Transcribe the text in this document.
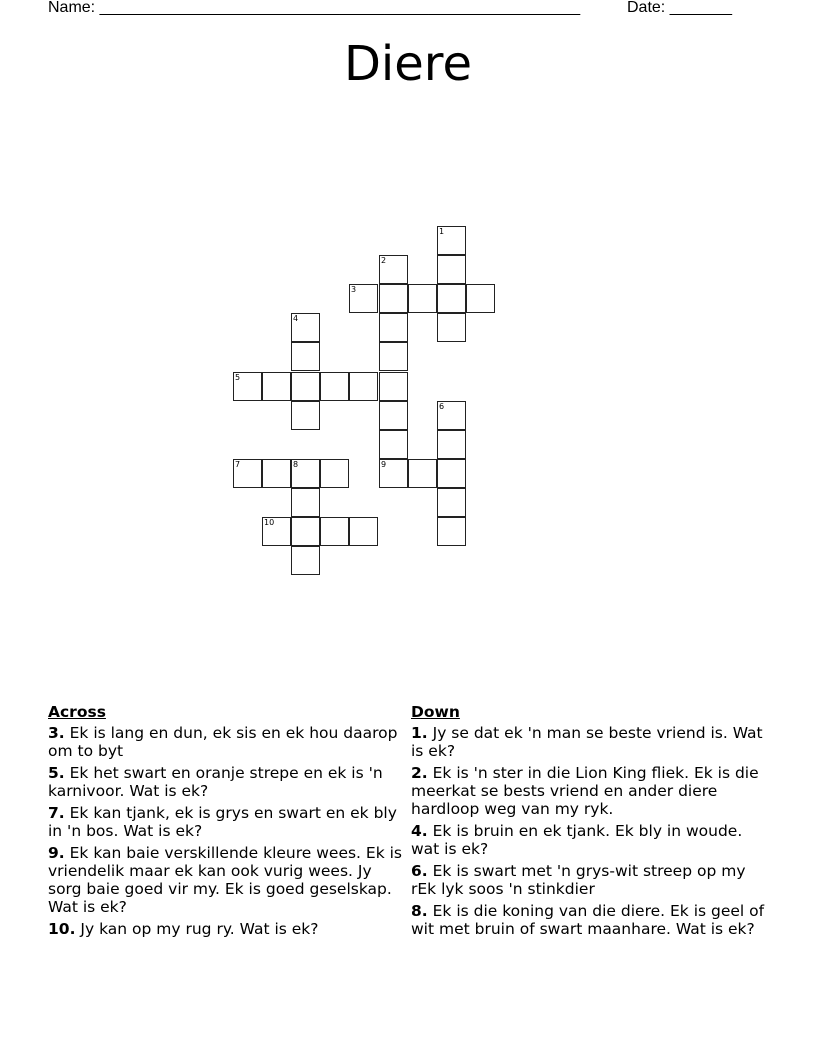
Name: ______________________________________________________	Date: _______
Diere
1
2
3
4
5
6
7	8	9
10
Across
3. Ek is lang en dun, ek sis en ek hou daarop om to byt
5. Ek het swart en oranje strepe en ek is 'n karnivoor. Wat is ek?
7. Ek kan tjank, ek is grys en swart en ek bly in 'n bos. Wat is ek?
9. Ek kan baie verskillende kleure wees. Ek is vriendelik maar ek kan ook vurig wees. Jy sorg baie goed vir my. Ek is goed geselskap. Wat is ek?
10. Jy kan op my rug ry. Wat is ek?
Down
1. Jy se dat ek 'n man se beste vriend is. Wat is ek?
2. Ek is 'n ster in die Lion King fliek. Ek is die meerkat se bests vriend en ander diere hardloop weg van my ryk.
4. Ek is bruin en ek tjank. Ek bly in woude. wat is ek?
6. Ek is swart met 'n grys-wit streep op my rEk lyk soos 'n stinkdier
8. Ek is die koning van die diere. Ek is geel of wit met bruin of swart maanhare. Wat is ek?
